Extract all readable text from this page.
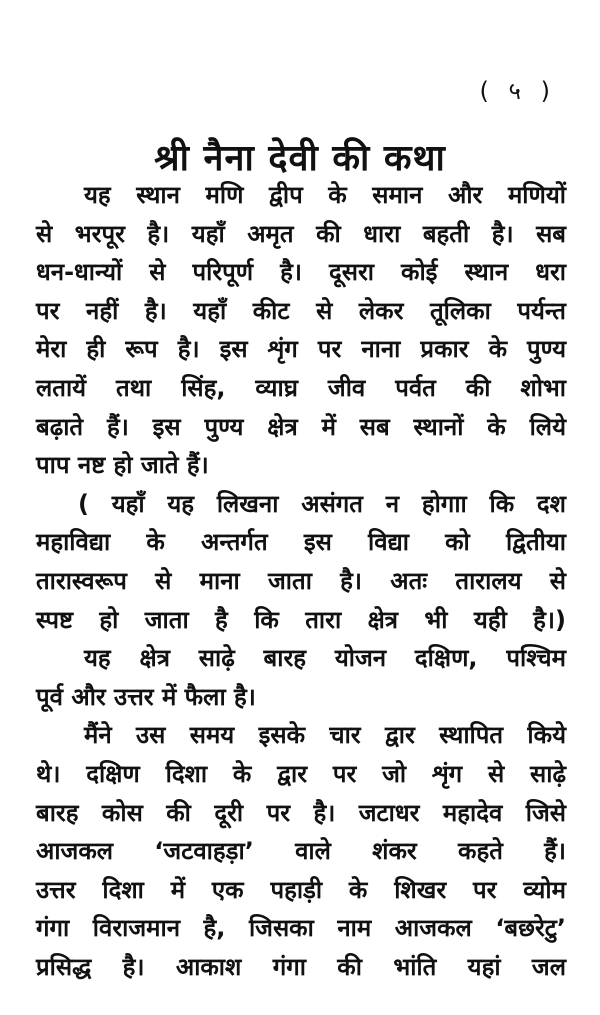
( ५ )
श्री नैना देवी की कथा
यह स्थान मणि द्वीप के समान और मणियों
से भरपूर है। यहाँ अमृत की धारा बहती है। सब
धन-धान्यों से परिपूर्ण है। दूसरा कोई स्थान धरा
पर नहीं है। यहाँ कीट से लेकर तूलिका पर्यन्त
मेरा ही रूप है। इस शृंग पर नाना प्रकार के पुण्य
लतायें तथा सिंह, व्याघ्र जीव पर्वत की शोभा
बढ़ाते हैं। इस पुण्य क्षेत्र में सब स्थानों के लिये
पाप नष्ट हो जाते हैं।
( यहाँ यह लिखना असंगत न होगाा कि दश
महाविद्या के अन्तर्गत इस विद्या को द्वितीया
तारास्वरूप से माना जाता है। अतः तारालय से
स्पष्ट हो जाता है कि तारा क्षेत्र भी यही है।)
यह क्षेत्र साढ़े बारह योजन दक्षिण, पश्चिम
पूर्व और उत्तर में फैला है।
मैंने उस समय इसके चार द्वार स्थापित किये
थे। दक्षिण दिशा के द्वार पर जो शृंग से साढ़े
बारह कोस की दूरी पर है। जटाधर महादेव जिसे
आजकल ‘जटवाहड़ा’ वाले शंकर कहते हैं।
उत्तर दिशा में एक पहाड़ी के शिखर पर व्योम
गंगा विराजमान है, जिसका नाम आजकल ‘बछरेटु’
प्रसिद्ध है। आकाश गंगा की भांति यहां जल
